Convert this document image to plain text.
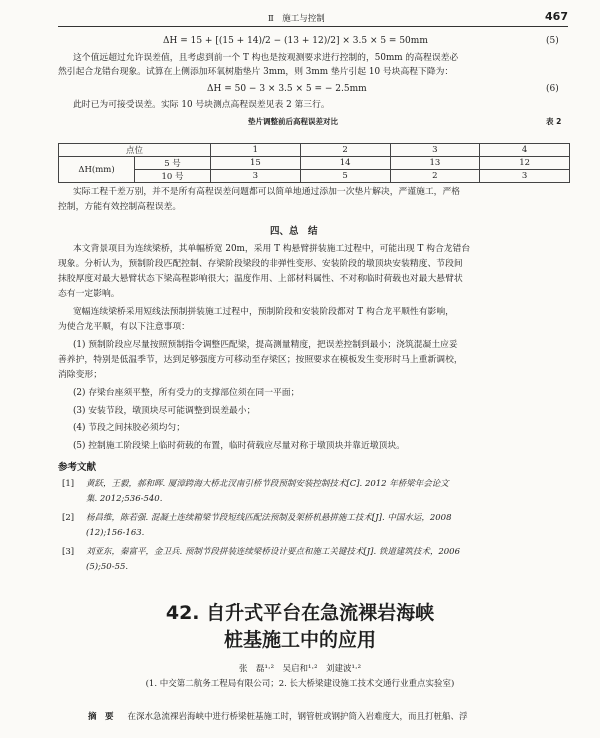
Ⅱ　施工与控制	467
ΔH = 15 + [(15 + 14)/2 − (13 + 12)/2] × 3.5 × 5 = 50mm	(5)
这个值远超过允许误差值，且考虑到前一个 T 构也是按观测要求进行控制的，50mm 的高程误差必
然引起合龙错台现象。试算在上侧添加环氧树脂垫片 3mm，则 3mm 垫片引起 10 号块高程下降为：
ΔH = 50 − 3 × 3.5 × 5 = − 2.5mm	(6)
此时已为可接受误差。实际 10 号块测点高程误差见表 2 第三行。
垫片调整前后高程误差对比	表 2
点位		1	2	3	4
ΔH(mm)	5 号	15	14	13	12
	10 号	3	5	2	3
实际工程千差万别，并不是所有高程误差问题都可以简单地通过添加一次垫片解决，严谨施工，严格
控制，方能有效控制高程误差。
四、总　结
本文背景项目为连续梁桥，其单幅桥宽 20m，采用 T 构悬臂拼装施工过程中，可能出现 T 构合龙错台
现象。分析认为，预制阶段匹配控制、存梁阶段梁段的非弹性变形、安装阶段的墩顶块安装精度、节段间
抹胶厚度对最大悬臂状态下梁高程影响很大；温度作用、上部材料属性、不对称临时荷载也对最大悬臂状
态有一定影响。
宽幅连续梁桥采用短线法预制拼装施工过程中，预制阶段和安装阶段都对 T 构合龙平顺性有影响，
为使合龙平顺，有以下注意事项：
(1) 预制阶段应尽量按照预制指令调整匹配梁，提高测量精度，把误差控制到最小；浇筑混凝土应妥
善养护，特别是低温季节，达到足够强度方可移动至存梁区；按照要求在模板发生变形时马上重新调校，
消除变形；
(2) 存梁台座须平整，所有受力的支撑部位须在同一平面；
(3) 安装节段，墩顶块尽可能调整到误差最小；
(4) 节段之间抹胶必须均匀；
(5) 控制施工阶段梁上临时荷载的布置，临时荷载应尽量对称于墩顶块并靠近墩顶块。
参考文献
[1]	黄跃，王毅，郝和晖. 厦漳跨海大桥北汊南引桥节段预制安装控制技术[C]. 2012 年桥梁年会论文
集. 2012;536-540.
[2]	杨昌维，陈若强. 混凝土连续箱梁节段短线匹配法预制及架桥机悬拼施工技术[J]. 中国水运，2008
(12);156-163.
[3]	刘亚东，秦富平，金卫兵. 预制节段拼装连续梁桥设计要点和施工关键技术[J]. 铁道建筑技术，2006
(5);50-55.
42. 自升式平台在急流裸岩海峡
桩基施工中的应用
张　磊¹·²　吴启和¹·²　刘建波¹·²
(1. 中交第二航务工程局有限公司；2. 长大桥梁建设施工技术交通行业重点实验室)
摘　要 在深水急流裸岩海峡中进行桥梁桩基施工时，钢管桩或钢护筒入岩难度大，而且打桩船、浮
